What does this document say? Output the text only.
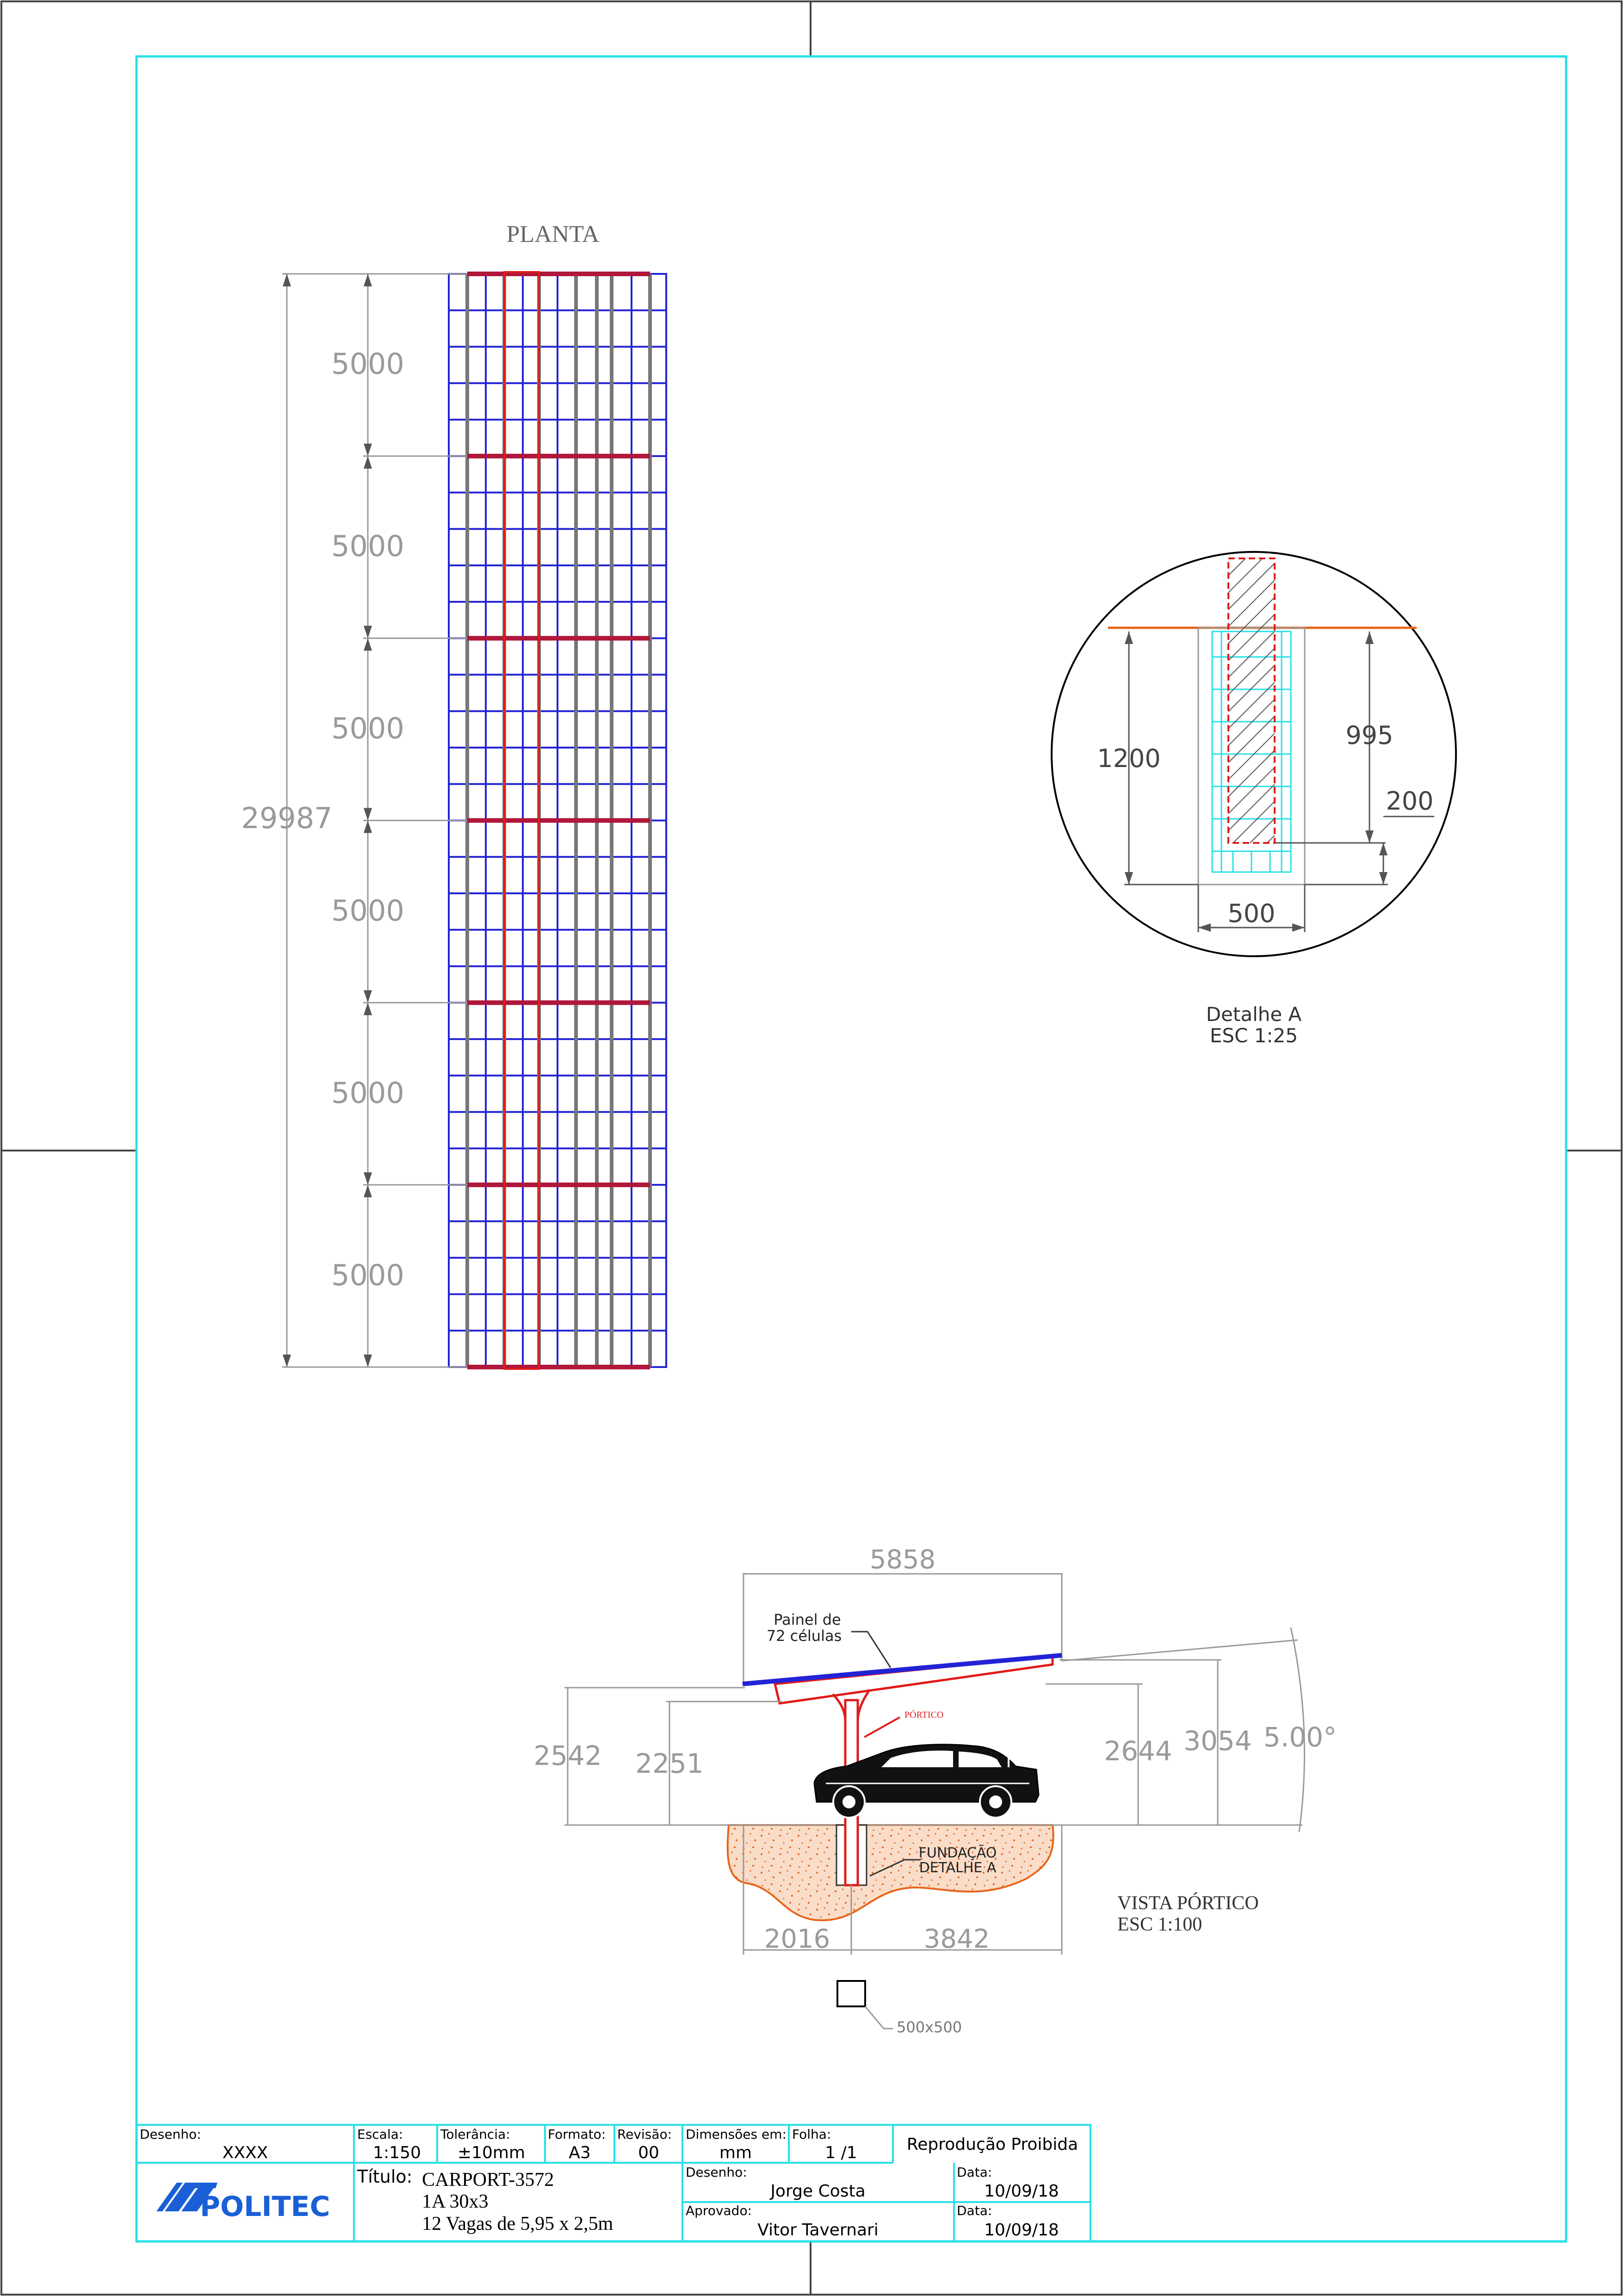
PLANTA
29987
5000
5000
5000
5000
5000
5000
1200
995
200
500
Detalhe A
ESC 1:25
5858
Painel de
72 células
PÓRTICO
FUNDAÇÃO
DETALHE A
2542 2251	2644 3054 5.00°
2016	3842
500x500
VISTA PÓRTICO
ESC 1:100
Desenho:
XXXX
Escala:
1:150
Tolerância:
±10mm
Formato:
A3
Revisão:
00
Dimensões em:
mm
Folha:
1 /1	Reprodução Proibida
POLITEC
Título: CARPORT-3572
1A 30x3
12 Vagas de 5,95 x 2,5m
Desenho:
Jorge Costa
Aprovado:
Vitor Tavernari
Data:
10/09/18
Data:
10/09/18
